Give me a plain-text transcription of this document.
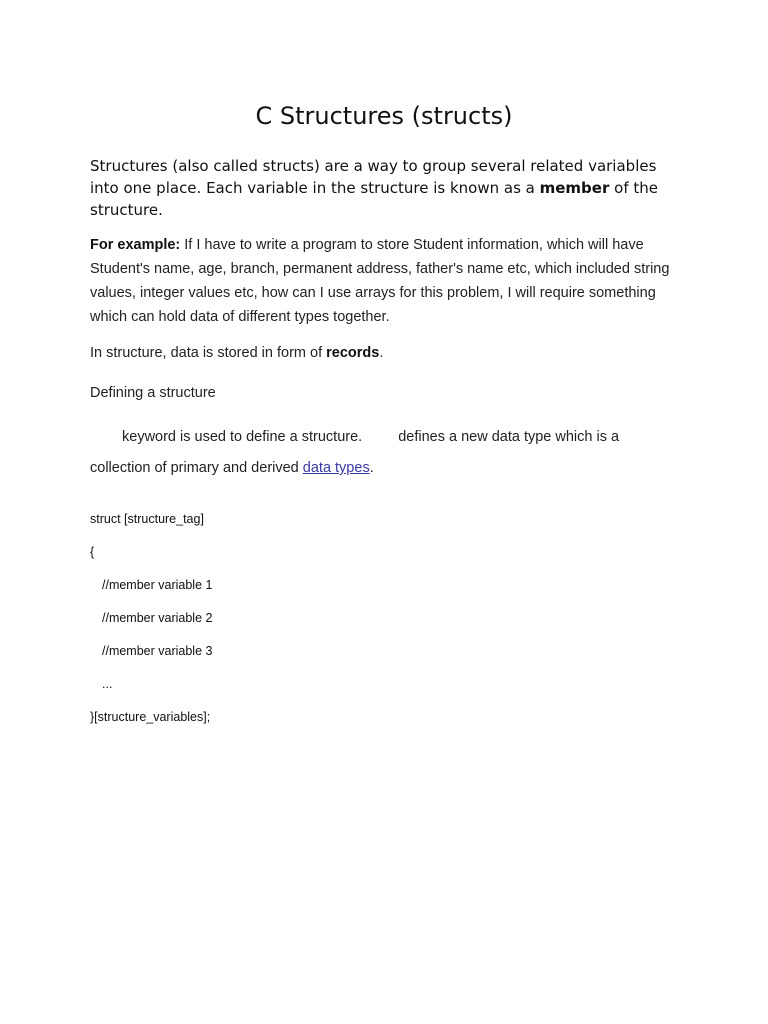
C Structures (structs)

Structures (also called structs) are a way to group several related variables into one place. Each variable in the structure is known as a member of the structure.

For example: If I have to write a program to store Student information, which will have Student's name, age, branch, permanent address, father's name etc, which included string values, integer values etc, how can I use arrays for this problem, I will require something which can hold data of different types together.

In structure, data is stored in form of records.

Defining a structure

keyword is used to define a structure. defines a new data type which is a
collection of primary and derived data types.

struct [structure_tag]
{
//member variable 1
//member variable 2
//member variable 3
...
}[structure_variables];
